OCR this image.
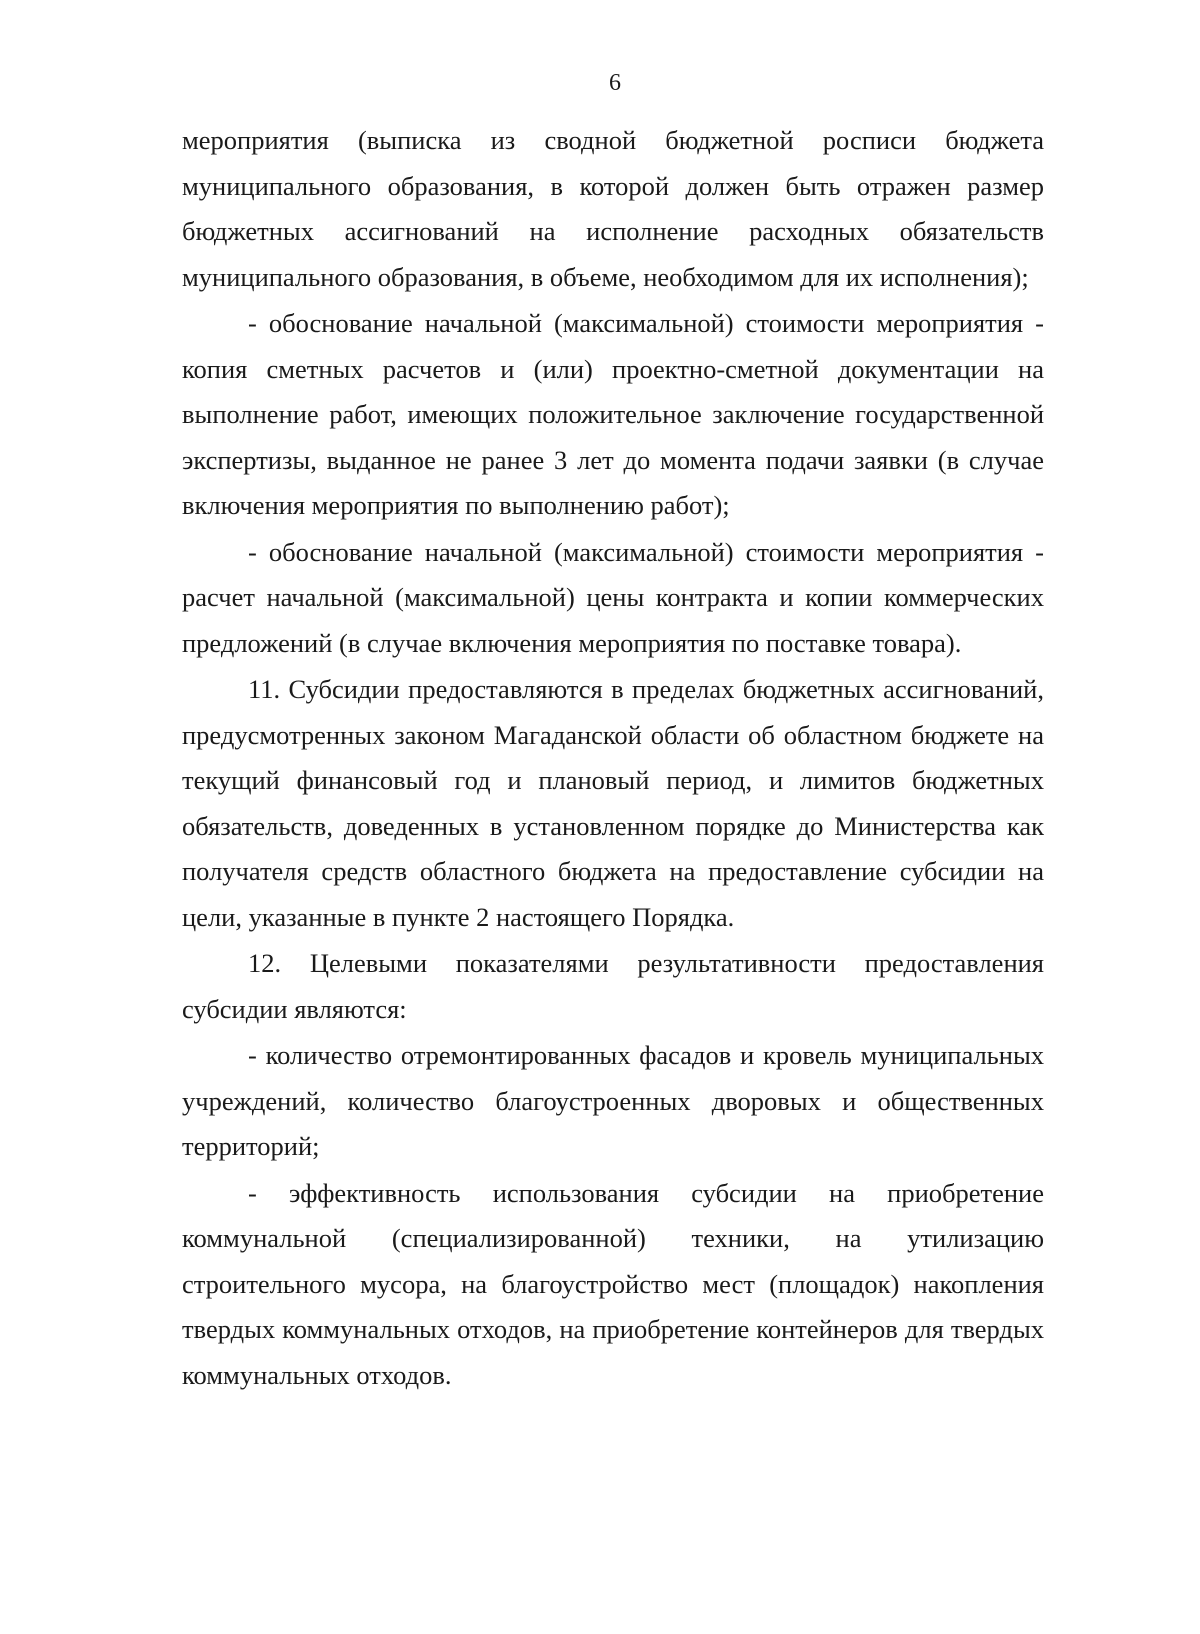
6

мероприятия (выписка из сводной бюджетной росписи бюджета муниципального образования, в которой должен быть отражен размер бюджетных ассигнований на исполнение расходных обязательств муниципального образования, в объеме, необходимом для их исполнения);

- обоснование начальной (максимальной) стоимости мероприятия - копия сметных расчетов и (или) проектно-сметной документации на выполнение работ, имеющих положительное заключение государственной экспертизы, выданное не ранее 3 лет до момента подачи заявки (в случае включения мероприятия по выполнению работ);

- обоснование начальной (максимальной) стоимости мероприятия - расчет начальной (максимальной) цены контракта и копии коммерческих предложений (в случае включения мероприятия по поставке товара).

11. Субсидии предоставляются в пределах бюджетных ассигнований, предусмотренных законом Магаданской области об областном бюджете на текущий финансовый год и плановый период, и лимитов бюджетных обязательств, доведенных в установленном порядке до Министерства как получателя средств областного бюджета на предоставление субсидии на цели, указанные в пункте 2 настоящего Порядка.

12. Целевыми показателями результативности предоставления субсидии являются:

- количество отремонтированных фасадов и кровель муниципальных учреждений, количество благоустроенных дворовых и общественных территорий;

- эффективность использования субсидии на приобретение коммунальной (специализированной) техники, на утилизацию строительного мусора, на благоустройство мест (площадок) накопления твердых коммунальных отходов, на приобретение контейнеров для твердых коммунальных отходов.
